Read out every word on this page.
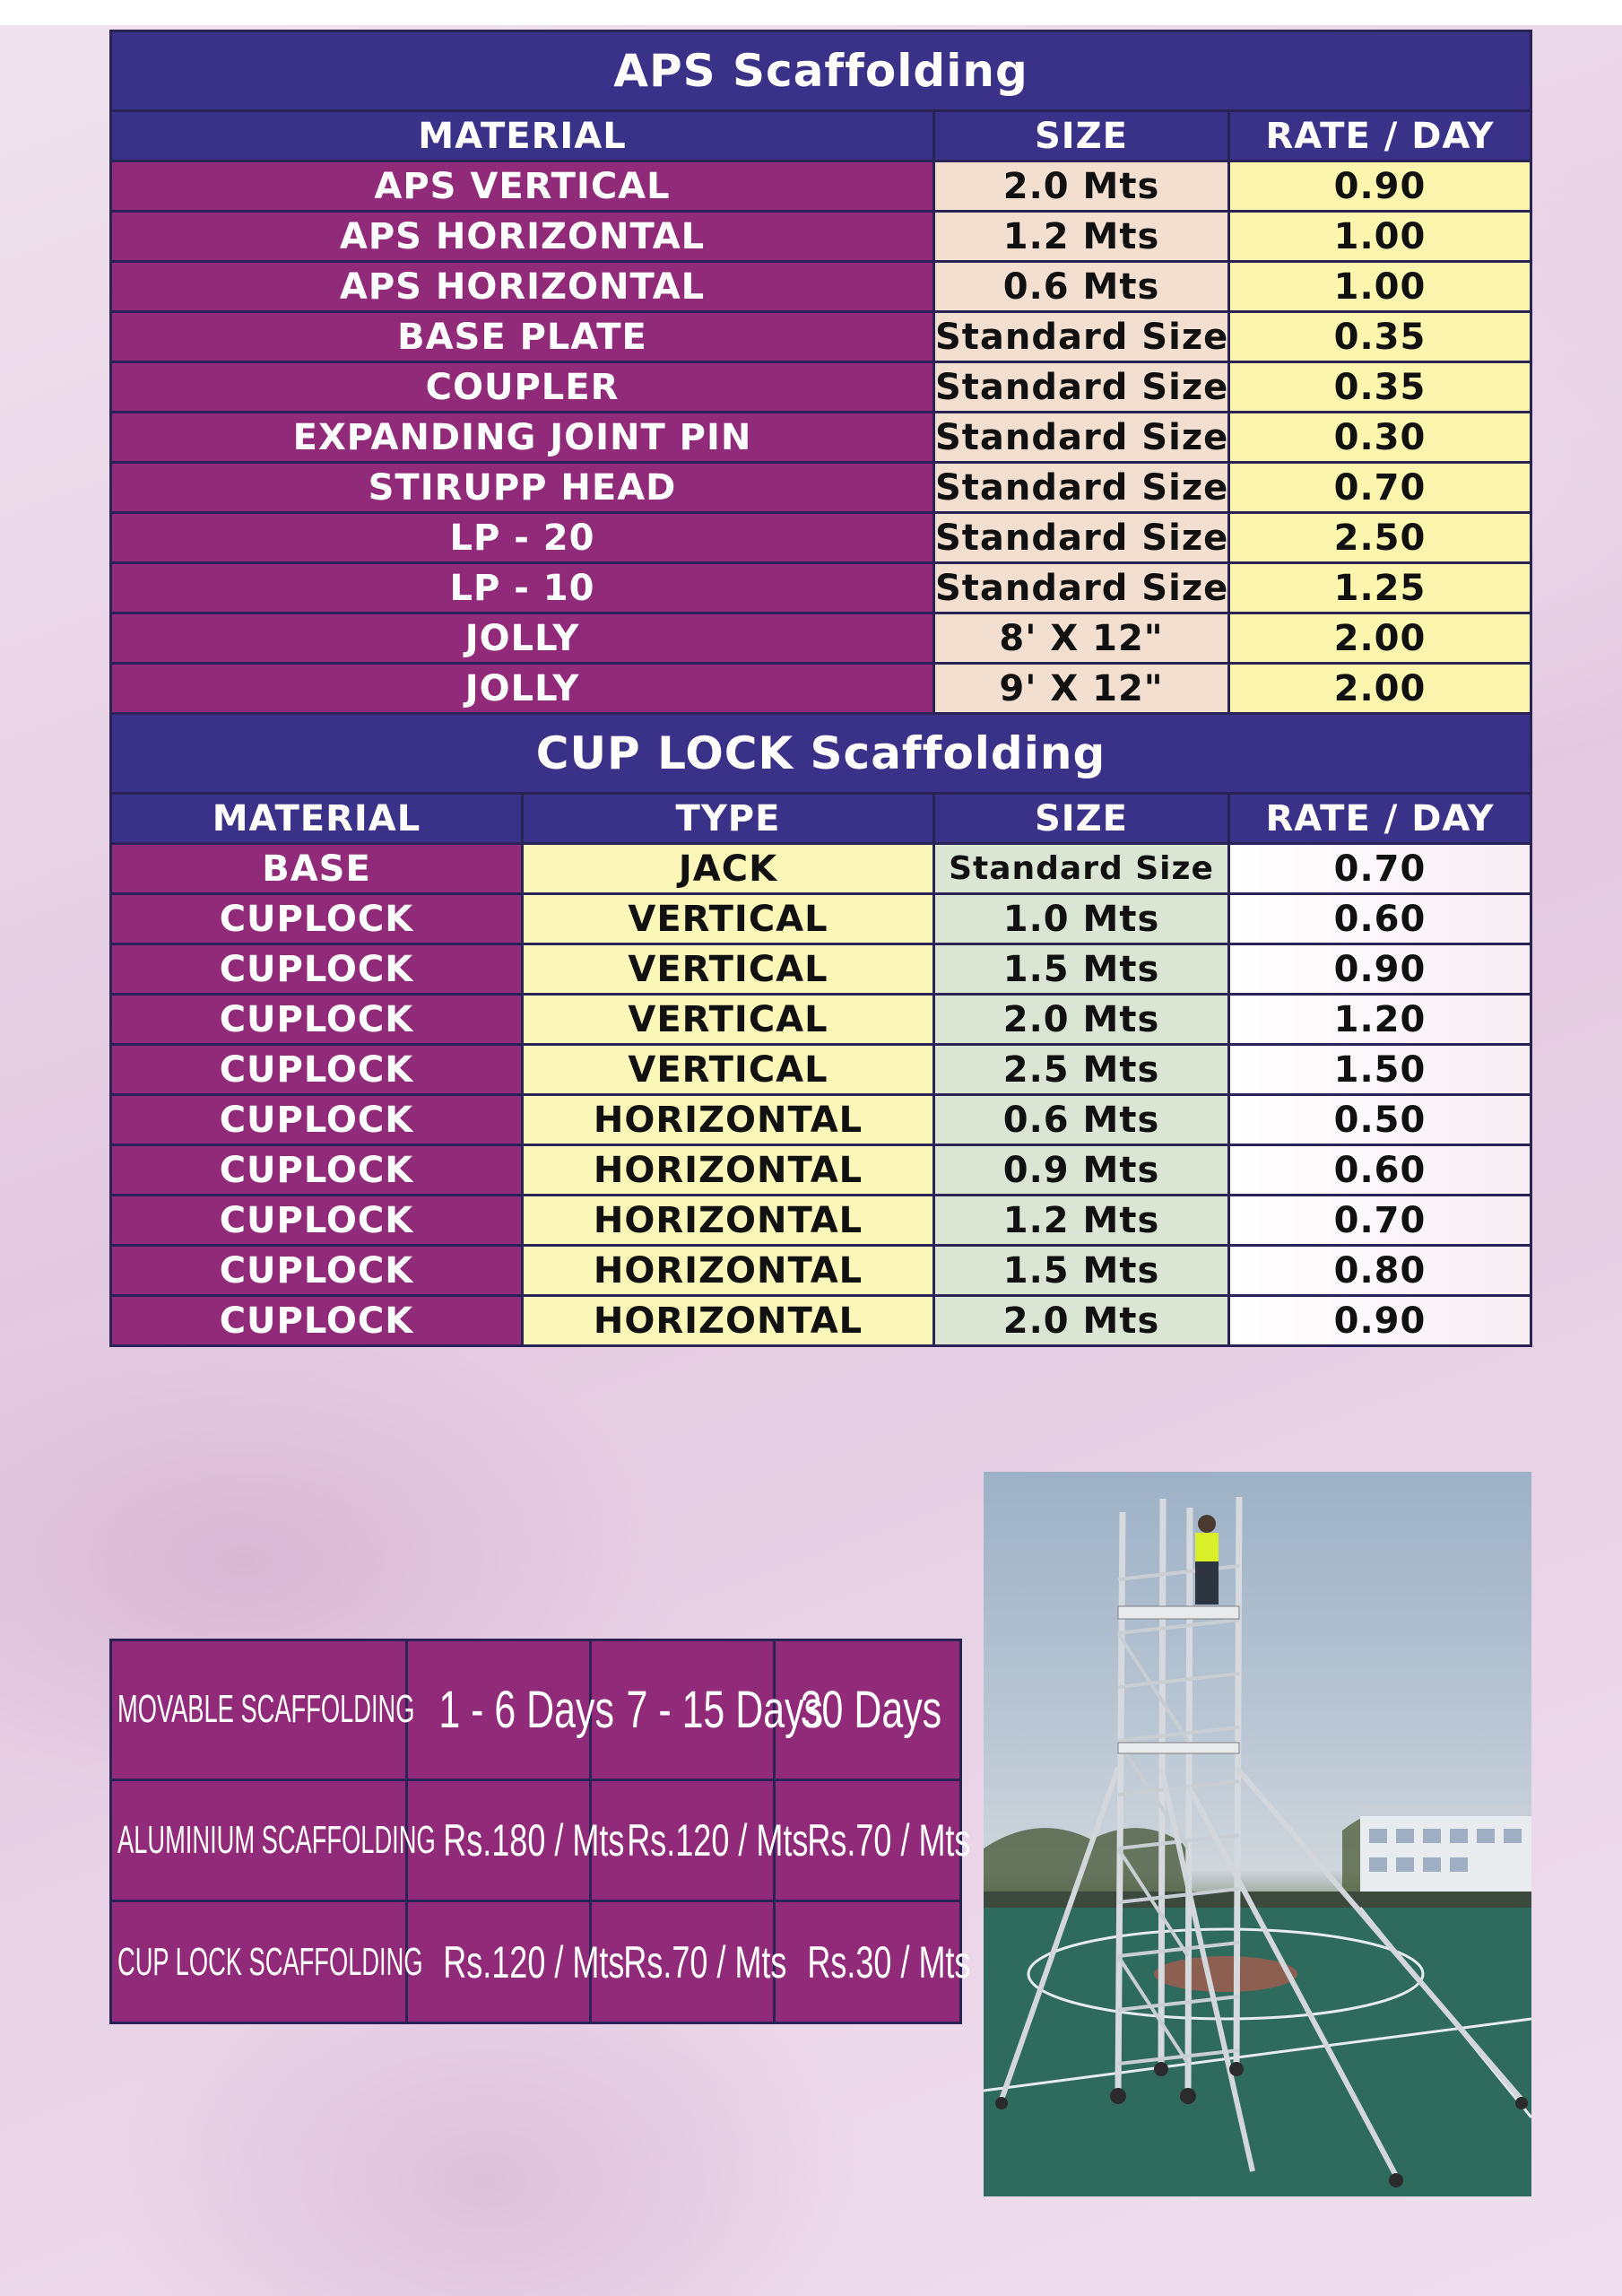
APS Scaffolding			
MATERIAL		SIZE	RATE / DAY
APS VERTICAL		2.0 Mts	0.90
APS HORIZONTAL		1.2 Mts	1.00
APS HORIZONTAL		0.6 Mts	1.00
BASE PLATE		Standard Size	0.35
COUPLER		Standard Size	0.35
EXPANDING JOINT PIN		Standard Size	0.30
STIRUPP HEAD		Standard Size	0.70
LP - 20		Standard Size	2.50
LP - 10		Standard Size	1.25
JOLLY		8' X 12"	2.00
JOLLY		9' X 12"	2.00
CUP LOCK Scaffolding			
MATERIAL	TYPE	SIZE	RATE / DAY
BASE	JACK	Standard Size	0.70
CUPLOCK	VERTICAL	1.0 Mts	0.60
CUPLOCK	VERTICAL	1.5 Mts	0.90
CUPLOCK	VERTICAL	2.0 Mts	1.20
CUPLOCK	VERTICAL	2.5 Mts	1.50
CUPLOCK	HORIZONTAL	0.6 Mts	0.50
CUPLOCK	HORIZONTAL	0.9 Mts	0.60
CUPLOCK	HORIZONTAL	1.2 Mts	0.70
CUPLOCK	HORIZONTAL	1.5 Mts	0.80
CUPLOCK	HORIZONTAL	2.0 Mts	0.90
MOVABLE SCAFFOLDING	1 - 6 Days	7 - 15 Days	30 Days
ALUMINIUM SCAFFOLDING	Rs.180 / Mts	Rs.120 / Mts	Rs.70 / Mts
CUP LOCK SCAFFOLDING	Rs.120 / Mts	Rs.70 / Mts	Rs.30 / Mts
